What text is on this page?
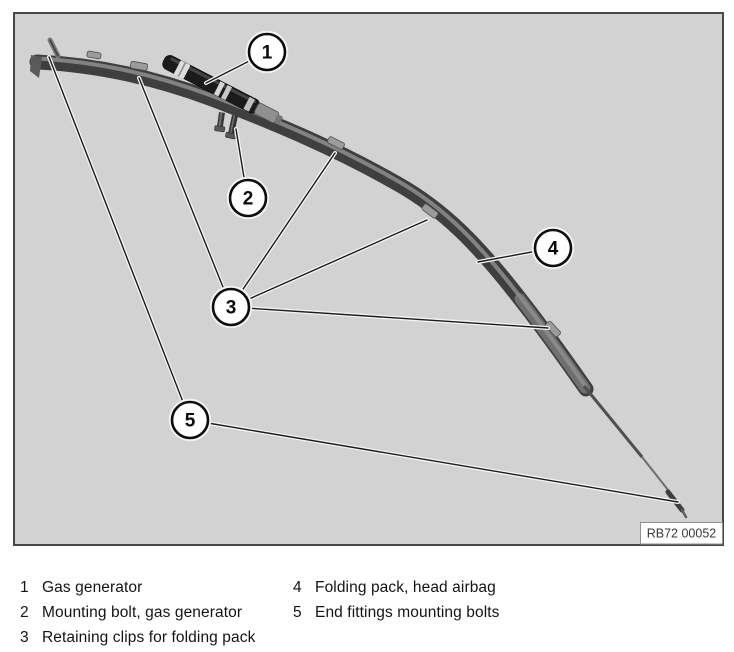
1
2
3
4
5
RB72 00052
1 Gas generator
2 Mounting bolt, gas generator
3 Retaining clips for folding pack
4 Folding pack, head airbag
5 End fittings mounting bolts
